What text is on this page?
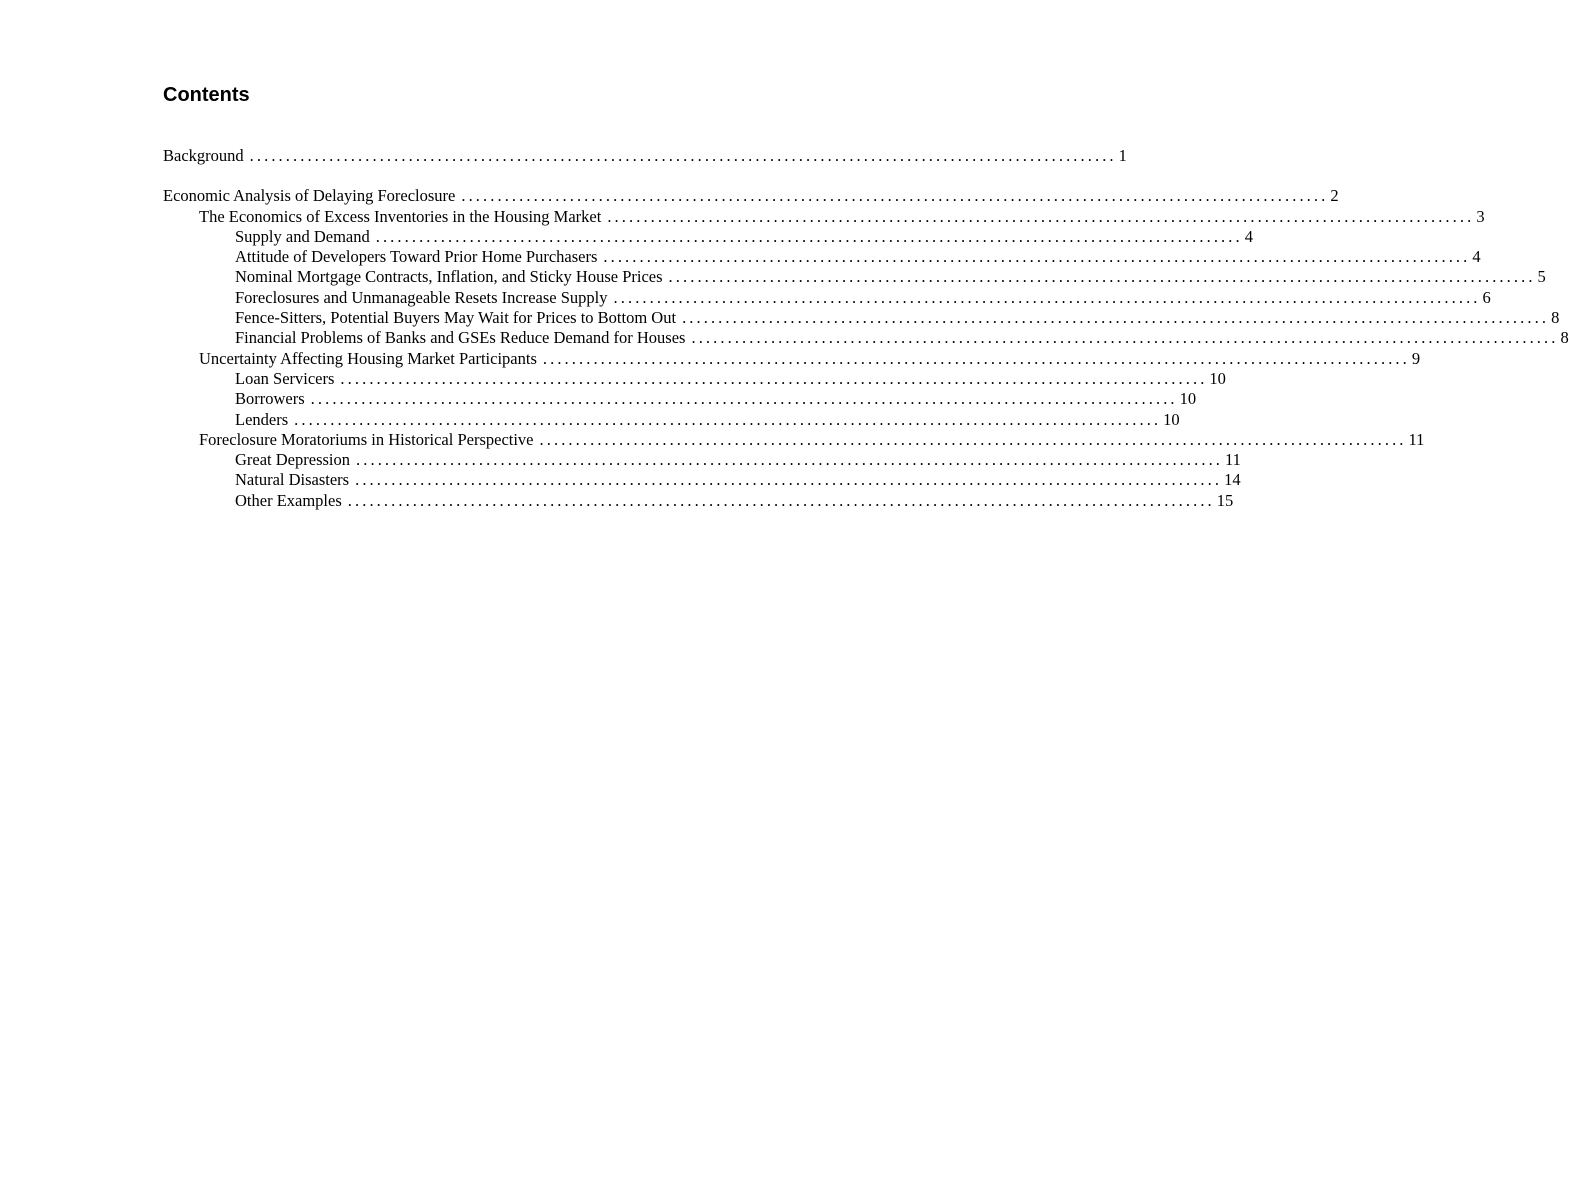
Contents
Background ........................................................................................................................ 1
Economic Analysis of Delaying Foreclosure ........................................................................................................................ 2
The Economics of Excess Inventories in the Housing Market ........................................................................................................................ 3
Supply and Demand ........................................................................................................................ 4
Attitude of Developers Toward Prior Home Purchasers ........................................................................................................................ 4
Nominal Mortgage Contracts, Inflation, and Sticky House Prices ........................................................................................................................ 5
Foreclosures and Unmanageable Resets Increase Supply ........................................................................................................................ 6
Fence-Sitters, Potential Buyers May Wait for Prices to Bottom Out ........................................................................................................................ 8
Financial Problems of Banks and GSEs Reduce Demand for Houses ........................................................................................................................ 8
Uncertainty Affecting Housing Market Participants ........................................................................................................................ 9
Loan Servicers ........................................................................................................................ 10
Borrowers ........................................................................................................................ 10
Lenders ........................................................................................................................ 10
Foreclosure Moratoriums in Historical Perspective ........................................................................................................................ 11
Great Depression ........................................................................................................................ 11
Natural Disasters ........................................................................................................................ 14
Other Examples ........................................................................................................................ 15
